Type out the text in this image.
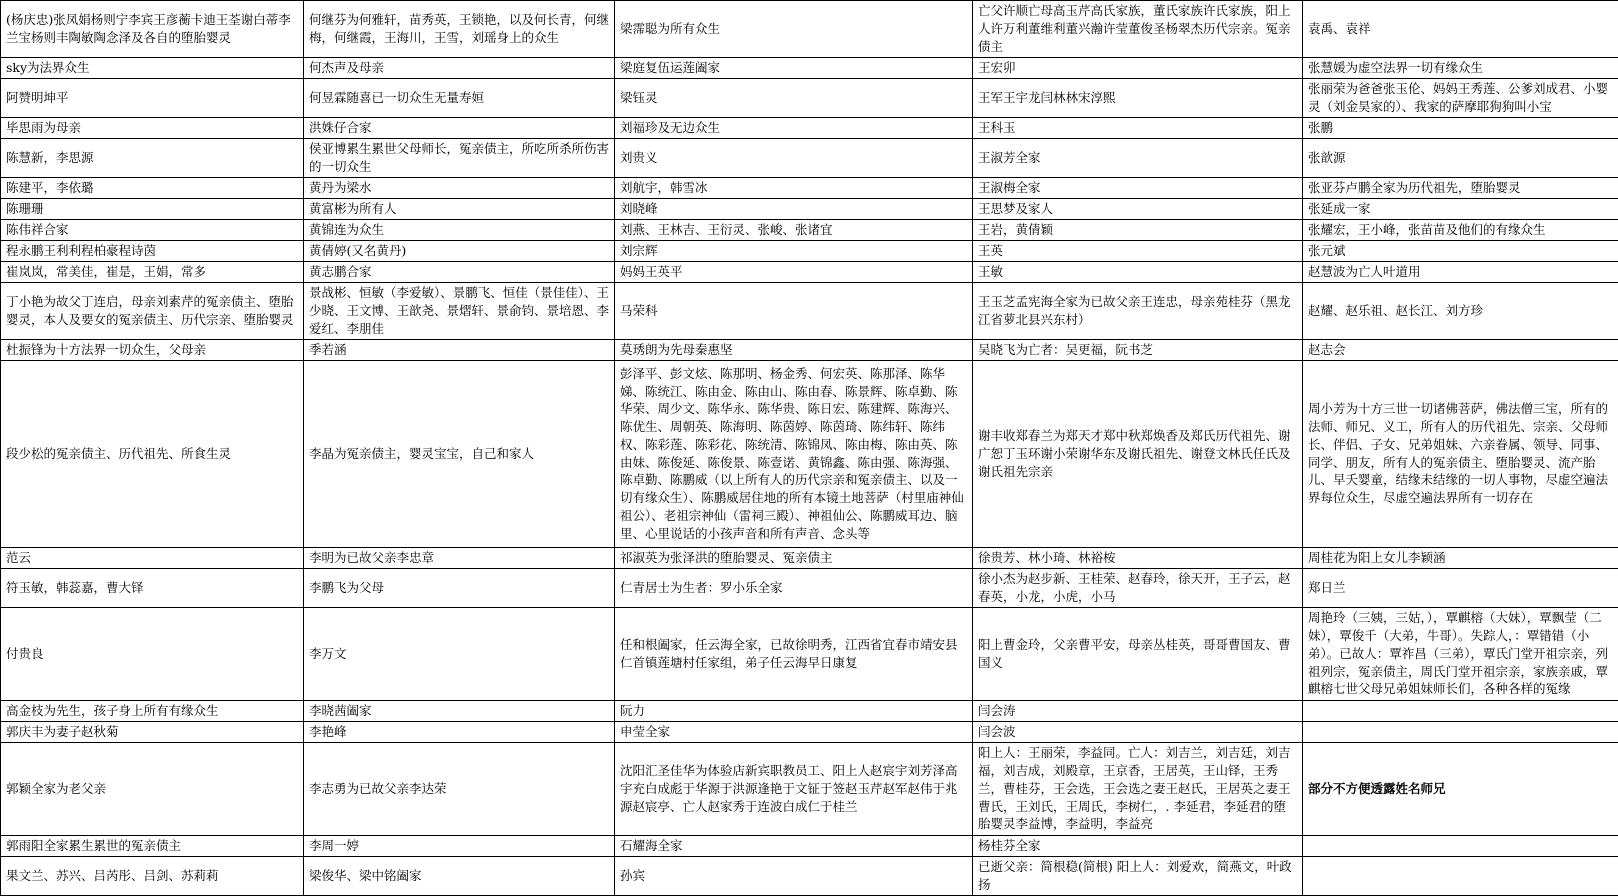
(杨庆忠)张凤娟杨则宁李宾王彦蘅卡迪王荃谢白蒂李兰宝杨则丰陶敏陶念泽及各自的堕胎婴灵	何继芬为何雅轩，苗秀英，王锁艳，以及何长青，何继梅，何继霞，王海川，王雪，刘瑶身上的众生	梁霈聪为所有众生	亡父许顺亡母高玉芹高氏家族，董氏家族许氏家族，阳上人许万利董维利董兴瀚许莹董俊圣杨翠杰历代宗亲。冤亲债主	袁禹、袁祥
sky为法界众生	何杰声及母亲	梁庭复伍运莲阖家	王宏卯	张慧媛为虚空法界一切有缘众生
阿赞明坤平	何昱霖随喜已一切众生无量寿姮	梁钰灵	王军王宇龙闫林林宋淳熙	张丽荣为爸爸张玉伦、妈妈王秀莲、公爹刘成君、小婴灵（刘金昊家的）、我家的萨摩耶狗狗叫小宝
毕思雨为母亲	洪姝仔合家	刘福珍及无边众生	王科玉	张鹏
陈慧新，李思源	侯亚博累生累世父母师长，冤亲债主，所吃所杀所伤害的一切众生	刘贵义	王淑芳全家	张歆源
陈建平，李依璐	黄丹为梁水	刘航宇，韩雪冰	王淑梅全家	张亚芬卢鹏全家为历代祖先，堕胎婴灵
陈珊珊	黄富彬为所有人	刘晓峰	王思梦及家人	张延成一家
陈伟祥合家	黄锦连为众生	刘燕、王林吉、王衍灵、张峻、张诸宜	王岩，黄倩颖	张耀宏，王小峰，张苗苗及他们的有缘众生
程永鹏王利利程柏豪程诗茵	黄倩婷(又名黄丹)	刘宗辉	王英	张元斌
崔岚岚，常美佳，崔是，王娟，常多	黄志鹏合家	妈妈王英平	王敏	赵慧波为亡人叶道用
丁小艳为故父丁连启，母亲刘素芹的冤亲债主、堕胎婴灵，本人及要女的冤亲债主、历代宗亲、堕胎婴灵	景战彬、恒敏（李爱敏）、景鹏飞、恒佳（景佳佳）、王少晓、王文博、王歆尧、景熠轩、景俞钧、景培恩、李爱红、李朋佳	马荣科	王玉芝孟宪海全家为已故父亲王连忠，母亲苑桂芬（黑龙江省萝北县兴东村）	赵耀、赵乐祖、赵长江、刘方珍
杜振锋为十方法界一切众生，父母亲	季若涵	莫琇朗为先母秦惠坚	吴晓飞为亡者：吴更福，阮书芝	赵志会
段少松的冤亲债主、历代祖先、所食生灵	李晶为冤亲债主，婴灵宝宝，自己和家人	彭泽平、彭文炫、陈那明、杨金秀、何宏英、陈那泽、陈华娣、陈统江、陈由金、陈由山、陈由春、陈景辉、陈卓勤、陈华荣、周少文、陈华永、陈华贵、陈日宏、陈建辉、陈海兴、陈优生、周朝英、陈海明、陈茵婷、陈茵琦、陈纬轩、陈纬权、陈彩莲、陈彩花、陈统清、陈锦凤、陈由梅、陈由英、陈由妹、陈俊延、陈俊景、陈壹诺、黄锦鑫、陈由强、陈海强、陈卓勤、陈鹏威（以上所有人的历代宗亲和冤亲债主、以及一切有缘众生）、陈鹏威居住地的所有本镜土地菩萨（村里庙神仙祖公）、老祖宗神仙（雷祠三殿）、神祖仙公、陈鹏威耳边、脑里、心里说话的小孩声音和所有声音、念头等	谢丰收郑春兰为郑天才郑中秋郑焕香及郑氏历代祖先、谢广恕丁玉环谢小荣谢华东及谢氏祖先、谢登文林氏任氏及谢氏祖先宗亲	周小芳为十方三世一切诸佛菩萨，佛法僧三宝，所有的法师、师兄、义工，所有人的历代祖先、宗亲、父母师长、伴侣、子女、兄弟姐妹、六亲眷属、领导、同事、同学、朋友，所有人的冤亲债主、堕胎婴灵、流产胎儿、早夭婴童，结缘未结缘的一切人事物，尽虚空遍法界每位众生，尽虚空遍法界所有一切存在
范云	李明为已故父亲李忠章	祁淑英为张泽洪的堕胎婴灵、冤亲债主	徐贵芳、林小琦、林裕桉	周桂花为阳上女儿李颖涵
符玉敏，韩蕊嘉，曹大铎	李鹏飞为父母	仁青居士为生者：罗小乐全家	徐小杰为赵步新、王桂荣、赵春玲，徐天开，王子云，赵春英，小龙，小虎，小马	郑日兰
付贵良	李万文	任和根阖家，任云海全家，已故徐明秀，江西省宜春市靖安县仁首镇莲塘村任家组，弟子任云海早日康复	阳上曹金玲，父亲曹平安，母亲丛桂英，哥哥曹国友、曹国义	周艳玲（三姨，三姑，），覃麒榕（大妹），覃飘莹（二妹），覃俊千（大弟，牛哥）。失踪人，：覃错错（小弟）。已故人：覃祚昌（三弟），覃氏门堂开祖宗亲，列祖列宗，冤亲债主，周氏门堂开祖宗亲，家族亲戚，覃麒榕七世父母兄弟姐妹师长们，各种各样的冤缘
高金枝为先生，孩子身上所有有缘众生	李晓茜阖家	阮力	闫会涛	
郭庆丰为妻子赵秋菊	李艳峰	申莹全家	闫会波	
郭颖全家为老父亲	李志勇为已故父亲李达荣	沈阳汇圣佳华为体验店新宾职教员工、阳上人赵宸宇刘芳泽高宇充白成彪于华源于洪源逢艳于文钲于签赵玉芹赵军赵伟于兆源赵宸亭、亡人赵家秀于连波白成仁于桂兰	阳上人：王丽荣，李益同。亡人：刘吉兰，刘吉廷，刘吉福，刘吉成，刘殿章，王京香，王居英，王山铎，王秀兰，曹桂芬，王会选，王会选之妻王赵氏，王居英之妻王曹氏，王刘氏，王周氏，李树仁，. 李延君，李延君的堕胎婴灵李益博，李益明，李益亮	部分不方便透露姓名师兄
郭雨阳全家累生累世的冤亲债主	李周一婷	石耀海全家	杨桂芬全家	
果文兰、苏兴、吕芮彤、吕剑、苏莉莉	梁俊华、梁中铭阖家	孙宾	已逝父亲：简根稳(简根) 阳上人：刘爱欢，简燕文，叶政扬	
